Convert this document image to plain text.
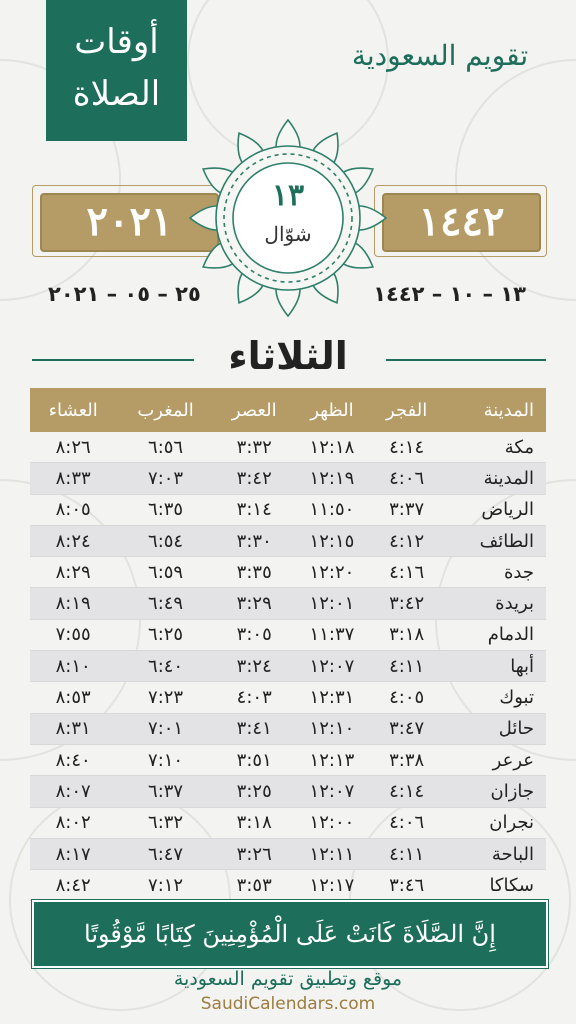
أوقات
الصلاة
تقويم السعودية
٢٠٢١	١٤٤٢
١٣
شوّال
٢٥ – ٠٥ – ٢٠٢١	١٣ – ١٠ – ١٤٤٢
الثلاثاء
المدينة	الفجر	الظهر	العصر	المغرب	العشاء
مكة	٤:١٤	١٢:١٨	٣:٣٢	٦:٥٦	٨:٢٦
المدينة	٤:٠٦	١٢:١٩	٣:٤٢	٧:٠٣	٨:٣٣
الرياض	٣:٣٧	١١:٥٠	٣:١٤	٦:٣٥	٨:٠٥
الطائف	٤:١٢	١٢:١٥	٣:٣٠	٦:٥٤	٨:٢٤
جدة	٤:١٦	١٢:٢٠	٣:٣٥	٦:٥٩	٨:٢٩
بريدة	٣:٤٢	١٢:٠١	٣:٢٩	٦:٤٩	٨:١٩
الدمام	٣:١٨	١١:٣٧	٣:٠٥	٦:٢٥	٧:٥٥
أبها	٤:١١	١٢:٠٧	٣:٢٤	٦:٤٠	٨:١٠
تبوك	٤:٠٥	١٢:٣١	٤:٠٣	٧:٢٣	٨:٥٣
حائل	٣:٤٧	١٢:١٠	٣:٤١	٧:٠١	٨:٣١
عرعر	٣:٣٨	١٢:١٣	٣:٥١	٧:١٠	٨:٤٠
جازان	٤:١٤	١٢:٠٧	٣:٢٥	٦:٣٧	٨:٠٧
نجران	٤:٠٦	١٢:٠٠	٣:١٨	٦:٣٢	٨:٠٢
الباحة	٤:١١	١٢:١١	٣:٢٦	٦:٤٧	٨:١٧
سكاكا	٣:٤٦	١٢:١٧	٣:٥٣	٧:١٢	٨:٤٢
إِنَّ الصَّلَاةَ كَانَتْ عَلَى الْمُؤْمِنِينَ كِتَابًا مَّوْقُوتًا
موقع وتطبيق تقويم السعودية
SaudiCalendars.com
